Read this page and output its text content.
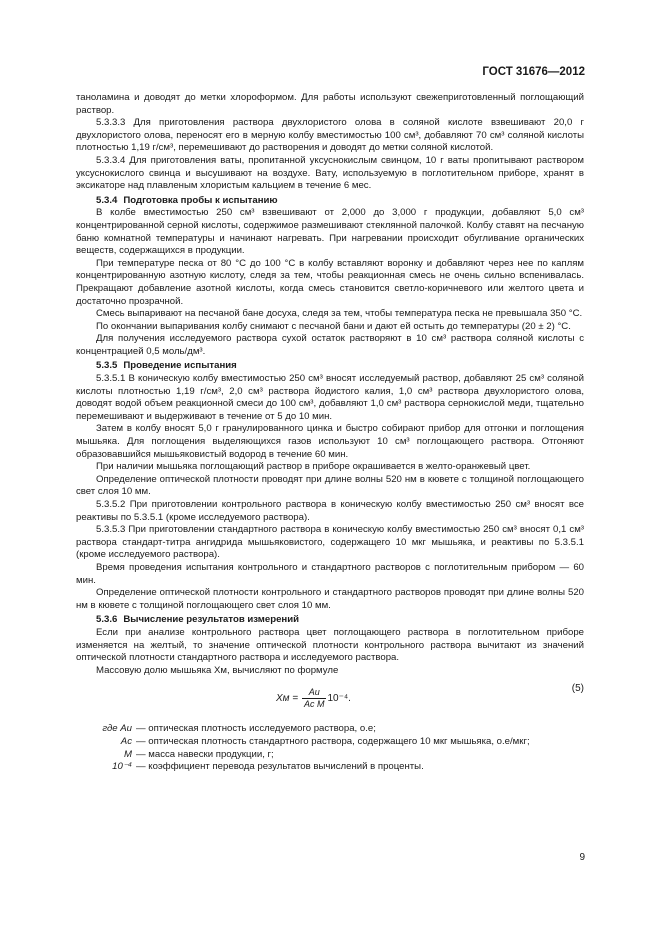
ГОСТ 31676—2012

таноламина и доводят до метки хлороформом. Для работы используют свежеприготовленный поглощающий раствор.

5.3.3.3 Для приготовления раствора двухлористого олова в соляной кислоте взвешивают 20,0 г двухлористого олова, переносят его в мерную колбу вместимостью 100 см³, добавляют 70 см³ соляной кислоты плотностью 1,19 г/см³, перемешивают до растворения и доводят до метки соляной кислотой.

5.3.3.4 Для приготовления ваты, пропитанной уксуснокислым свинцом, 10 г ваты пропитывают раствором уксуснокислого свинца и высушивают на воздухе. Вату, используемую в поглотительном приборе, хранят в эксикаторе над плавленым хлористым кальцием в течение 6 мес.

5.3.4 Подготовка пробы к испытанию

В колбе вместимостью 250 см³ взвешивают от 2,000 до 3,000 г продукции, добавляют 5,0 см³ концентрированной серной кислоты, содержимое размешивают стеклянной палочкой. Колбу ставят на песчаную баню комнатной температуры и начинают нагревать. При нагревании происходит обугливание органических веществ, содержащихся в продукции.

При температуре песка от 80 °С до 100 °С в колбу вставляют воронку и добавляют через нее по каплям концентрированную азотную кислоту, следя за тем, чтобы реакционная смесь не очень сильно вспенивалась. Прекращают добавление азотной кислоты, когда смесь становится светло-коричневого или желтого цвета и достаточно прозрачной.

Смесь выпаривают на песчаной бане досуха, следя за тем, чтобы температура песка не превышала 350 °С.

По окончании выпаривания колбу снимают с песчаной бани и дают ей остыть до температуры (20 ± 2) °С.

Для получения исследуемого раствора сухой остаток растворяют в 10 см³ раствора соляной кислоты с концентрацией 0,5 моль/дм³.

5.3.5 Проведение испытания

5.3.5.1 В коническую колбу вместимостью 250 см³ вносят исследуемый раствор, добавляют 25 см³ соляной кислоты плотностью 1,19 г/см³, 2,0 см³ раствора йодистого калия, 1,0 см³ раствора двухлористого олова, доводят водой объем реакционной смеси до 100 см³, добавляют 1,0 см³ раствора сернокислой меди, тщательно перемешивают и выдерживают в течение от 5 до 10 мин.

Затем в колбу вносят 5,0 г гранулированного цинка и быстро собирают прибор для отгонки и поглощения мышьяка. Для поглощения выделяющихся газов используют 10 см³ поглощающего раствора. Отгоняют образовавшийся мышьяковистый водород в течение 60 мин.

При наличии мышьяка поглощающий раствор в приборе окрашивается в желто-оранжевый цвет.

Определение оптической плотности проводят при длине волны 520 нм в кювете с толщиной поглощающего свет слоя 10 мм.

5.3.5.2 При приготовлении контрольного раствора в коническую колбу вместимостью 250 см³ вносят все реактивы по 5.3.5.1 (кроме исследуемого раствора).

5.3.5.3 При приготовлении стандартного раствора в коническую колбу вместимостью 250 см³ вносят 0,1 см³ раствора стандарт-титра ангидрида мышьяковистого, содержащего 10 мкг мышьяка, и реактивы по 5.3.5.1 (кроме исследуемого раствора).

Время проведения испытания контрольного и стандартного растворов с поглотительным прибором — 60 мин.

Определение оптической плотности контрольного и стандартного растворов проводят при длине волны 520 нм в кювете с толщиной поглощающего свет слоя 10 мм.

5.3.6 Вычисление результатов измерений

Если при анализе контрольного раствора цвет поглощающего раствора в поглотительном приборе изменяется на желтый, то значение оптической плотности контрольного раствора вычитают из значений оптической плотности стандартного раствора и исследуемого раствора.

Массовую долю мышьяка Xм, вычисляют по формуле

Xм = $\frac{Aи}{\text{Aс M}} 10^{-4}$.
(5)
где Aи — оптическая плотность исследуемого раствора, о.е;
Aс — оптическая плотность стандартного раствора, содержащего 10 мкг мышьяка, о.е/мкг;
M — масса навески продукции, г;
10⁻⁴ — коэффициент перевода результатов вычислений в проценты.
9
